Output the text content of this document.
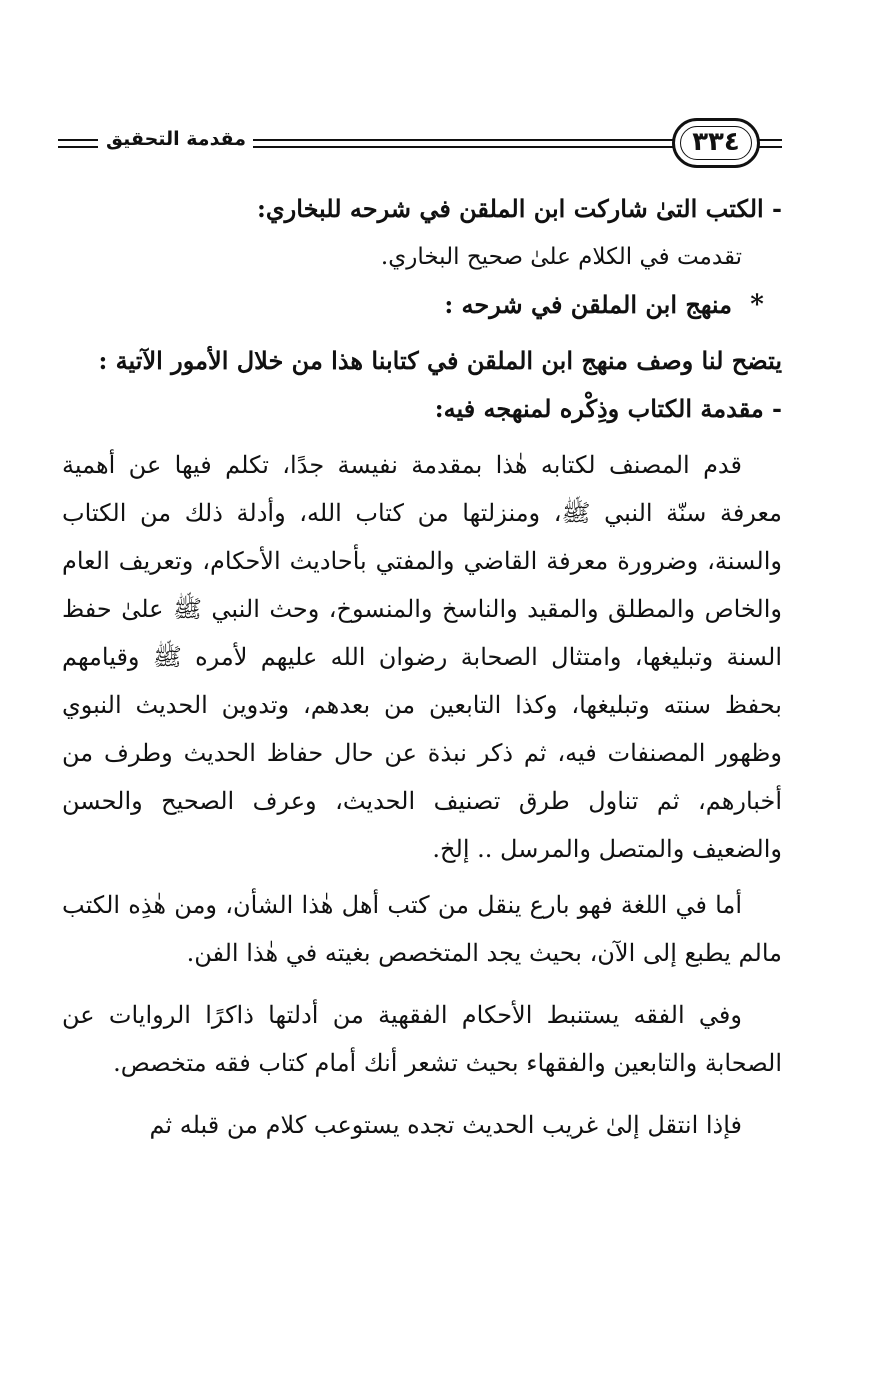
مقدمة التحقيق	٣٣٤

- الكتب التىٰ شاركت ابن الملقن في شرحه للبخاري:

تقدمت في الكلام علىٰ صحيح البخاري.

*منهج ابن الملقن في شرحه :

يتضح لنا وصف منهج ابن الملقن في كتابنا هذا من خلال الأمور الآتية :

- مقدمة الكتاب وذِكْره لمنهجه فيه:

قدم المصنف لكتابه هٰذا بمقدمة نفيسة جدًا، تكلم فيها عن أهمية معرفة سنّة النبي ﷺ، ومنزلتها من كتاب الله، وأدلة ذلك من الكتاب والسنة، وضرورة معرفة القاضي والمفتي بأحاديث الأحكام، وتعريف العام والخاص والمطلق والمقيد والناسخ والمنسوخ، وحث النبي ﷺ علىٰ حفظ السنة وتبليغها، وامتثال الصحابة رضوان الله عليهم لأمره ﷺ وقيامهم بحفظ سنته وتبليغها، وكذا التابعين من بعدهم، وتدوين الحديث النبوي وظهور المصنفات فيه، ثم ذكر نبذة عن حال حفاظ الحديث وطرف من أخبارهم، ثم تناول طرق تصنيف الحديث، وعرف الصحيح والحسن والضعيف والمتصل والمرسل .. إلخ.

أما في اللغة فهو بارع ينقل من كتب أهل هٰذا الشأن، ومن هٰذِه الكتب مالم يطبع إلى الآن، بحيث يجد المتخصص بغيته في هٰذا الفن.

وفي الفقه يستنبط الأحكام الفقهية من أدلتها ذاكرًا الروايات عن الصحابة والتابعين والفقهاء بحيث تشعر أنك أمام كتاب فقه متخصص.

فإذا انتقل إلىٰ غريب الحديث تجده يستوعب كلام من قبله ثم
